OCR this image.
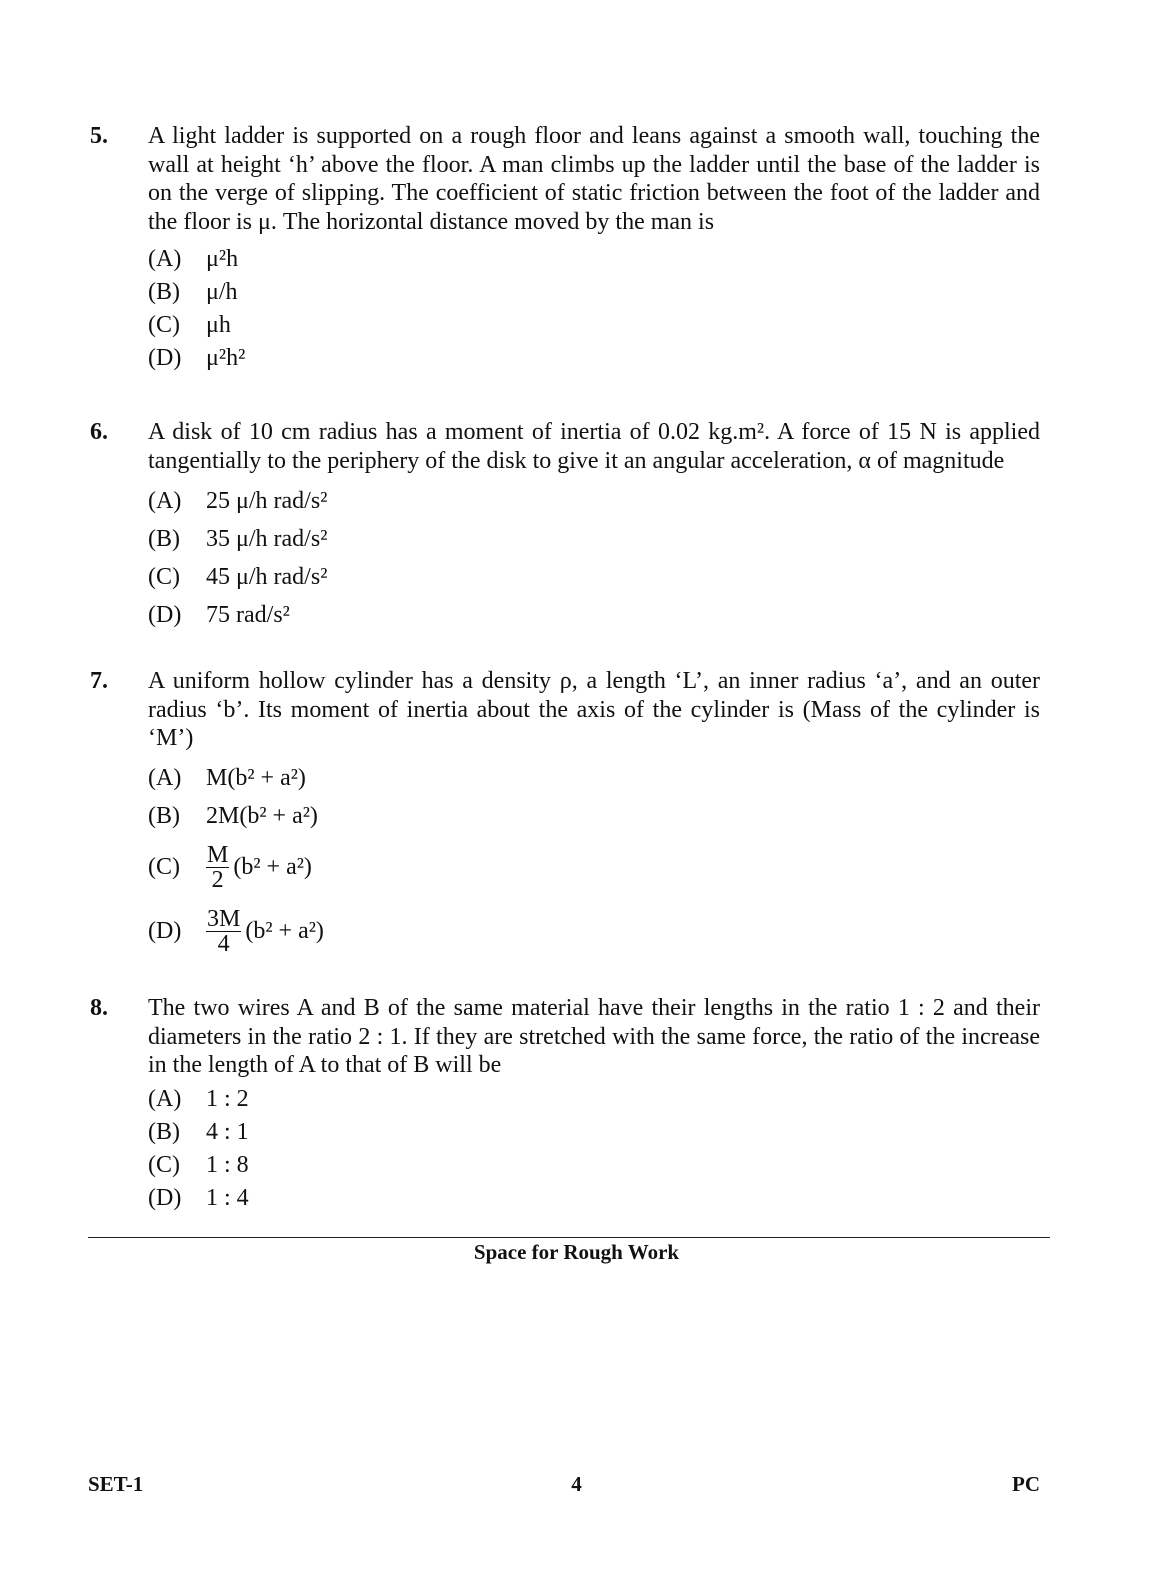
5. A light ladder is supported on a rough floor and leans against a smooth wall, touching the wall at height ‘h’ above the floor. A man climbs up the ladder until the base of the ladder is on the verge of slipping. The coefficient of static friction between the foot of the ladder and the floor is μ. The horizontal distance moved by the man is
(A)	μ²h
(B)	μ/h
(C)	μh
(D)	μ²h²
6. A disk of 10 cm radius has a moment of inertia of 0.02 kg.m². A force of 15 N is applied tangentially to the periphery of the disk to give it an angular acceleration, α of magnitude
(A)	25 μ/h rad/s²
(B)	35 μ/h rad/s²
(C)	45 μ/h rad/s²
(D)	75 rad/s²
7. A uniform hollow cylinder has a density ρ, a length ‘L’, an inner radius ‘a’, and an outer radius ‘b’. Its moment of inertia about the axis of the cylinder is (Mass of the cylinder is ‘M’)
(A)	M(b² + a²)
(B)	2M(b² + a²)
(C)	$\frac{M}{2} (b^2 + a^2)$
(D)	$\frac{3M}{4} (b^2 + a^2)$
8. The two wires A and B of the same material have their lengths in the ratio 1 : 2 and their diameters in the ratio 2 : 1. If they are stretched with the same force, the ratio of the increase in the length of A to that of B will be
(A)	1 : 2
(B)	4 : 1
(C)	1 : 8
(D)	1 : 4
Space for Rough Work
SET-1	4	PC
